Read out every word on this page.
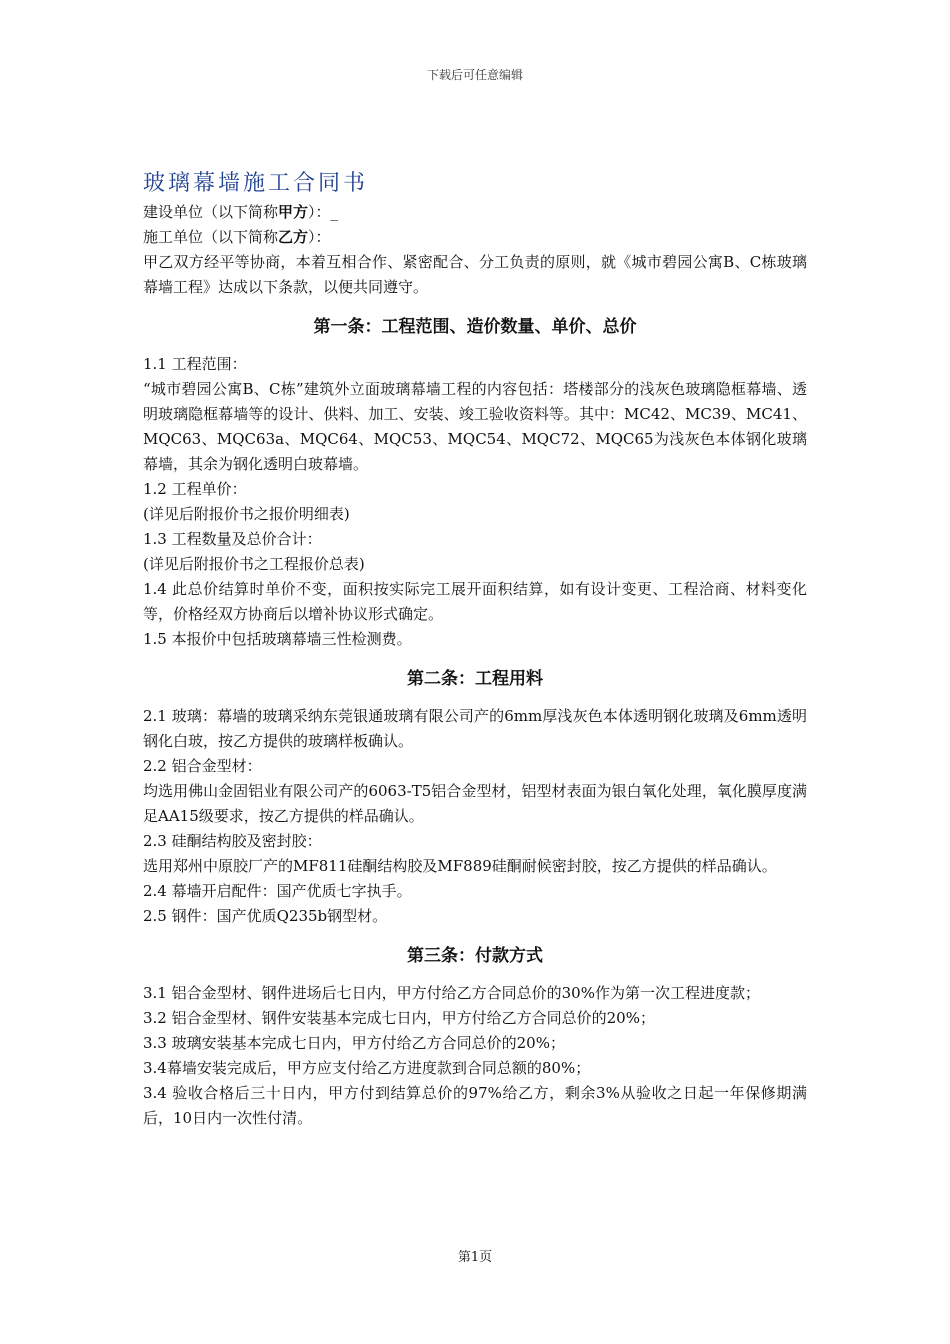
下载后可任意编辑

玻璃幕墙施工合同书

建设单位（以下简称甲方）：_

施工单位（以下简称乙方）：

甲乙双方经平等协商，本着互相合作、紧密配合、分工负责的原则，就《城市碧园公寓B、C栋玻璃幕墙工程》达成以下条款，以便共同遵守。

第一条：工程范围、造价数量、单价、总价

1.1 工程范围：

“城市碧园公寓B、C栋”建筑外立面玻璃幕墙工程的内容包括：塔楼部分的浅灰色玻璃隐框幕墙、透明玻璃隐框幕墙等的设计、供料、加工、安装、竣工验收资料等。其中：MC42、MC39、MC41、MQC63、MQC63a、MQC64、MQC53、MQC54、MQC72、MQC65为浅灰色本体钢化玻璃幕墙，其余为钢化透明白玻幕墙。

1.2 工程单价：

(详见后附报价书之报价明细表)

1.3 工程数量及总价合计：

(详见后附报价书之工程报价总表)

1.4 此总价结算时单价不变，面积按实际完工展开面积结算，如有设计变更、工程洽商、材料变化等，价格经双方协商后以增补协议形式确定。

1.5 本报价中包括玻璃幕墙三性检测费。

第二条：工程用料

2.1 玻璃：幕墙的玻璃采纳东莞银通玻璃有限公司产的6mm厚浅灰色本体透明钢化玻璃及6mm透明钢化白玻，按乙方提供的玻璃样板确认。

2.2 铝合金型材：

均选用佛山金固铝业有限公司产的6063-T5铝合金型材，铝型材表面为银白氧化处理，氧化膜厚度满足AA15级要求，按乙方提供的样品确认。

2.3 硅酮结构胶及密封胶：

选用郑州中原胶厂产的MF811硅酮结构胶及MF889硅酮耐候密封胶，按乙方提供的样品确认。

2.4 幕墙开启配件：国产优质七字执手。

2.5 钢件：国产优质Q235b钢型材。

第三条：付款方式

3.1 铝合金型材、钢件进场后七日内，甲方付给乙方合同总价的30%作为第一次工程进度款；

3.2 铝合金型材、钢件安装基本完成七日内，甲方付给乙方合同总价的20%；

3.3 玻璃安装基本完成七日内，甲方付给乙方合同总价的20%；

3.4幕墙安装完成后，甲方应支付给乙方进度款到合同总额的80%；

3.4 验收合格后三十日内，甲方付到结算总价的97%给乙方，剩余3%从验收之日起一年保修期满后，10日内一次性付清。

第1页
